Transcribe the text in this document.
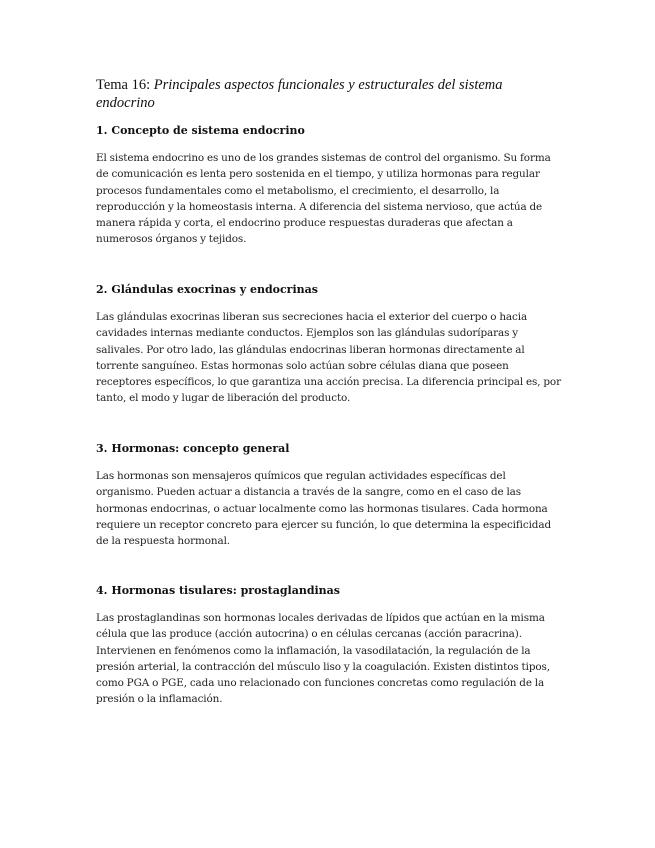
Tema 16: Principales aspectos funcionales y estructurales del sistema endocrino
1. Concepto de sistema endocrino

El sistema endocrino es uno de los grandes sistemas de control del organismo. Su forma de comunicación es lenta pero sostenida en el tiempo, y utiliza hormonas para regular procesos fundamentales como el metabolismo, el crecimiento, el desarrollo, la reproducción y la homeostasis interna. A diferencia del sistema nervioso, que actúa de manera rápida y corta, el endocrino produce respuestas duraderas que afectan a numerosos órganos y tejidos.

2. Glándulas exocrinas y endocrinas

Las glándulas exocrinas liberan sus secreciones hacia el exterior del cuerpo o hacia cavidades internas mediante conductos. Ejemplos son las glándulas sudoríparas y salivales. Por otro lado, las glándulas endocrinas liberan hormonas directamente al torrente sanguíneo. Estas hormonas solo actúan sobre células diana que poseen receptores específicos, lo que garantiza una acción precisa. La diferencia principal es, por tanto, el modo y lugar de liberación del producto.

3. Hormonas: concepto general

Las hormonas son mensajeros químicos que regulan actividades específicas del organismo. Pueden actuar a distancia a través de la sangre, como en el caso de las hormonas endocrinas, o actuar localmente como las hormonas tisulares. Cada hormona requiere un receptor concreto para ejercer su función, lo que determina la especificidad de la respuesta hormonal.

4. Hormonas tisulares: prostaglandinas

Las prostaglandinas son hormonas locales derivadas de lípidos que actúan en la misma célula que las produce (acción autocrina) o en células cercanas (acción paracrina). Intervienen en fenómenos como la inflamación, la vasodilatación, la regulación de la presión arterial, la contracción del músculo liso y la coagulación. Existen distintos tipos, como PGA o PGE, cada uno relacionado con funciones concretas como regulación de la presión o la inflamación.
